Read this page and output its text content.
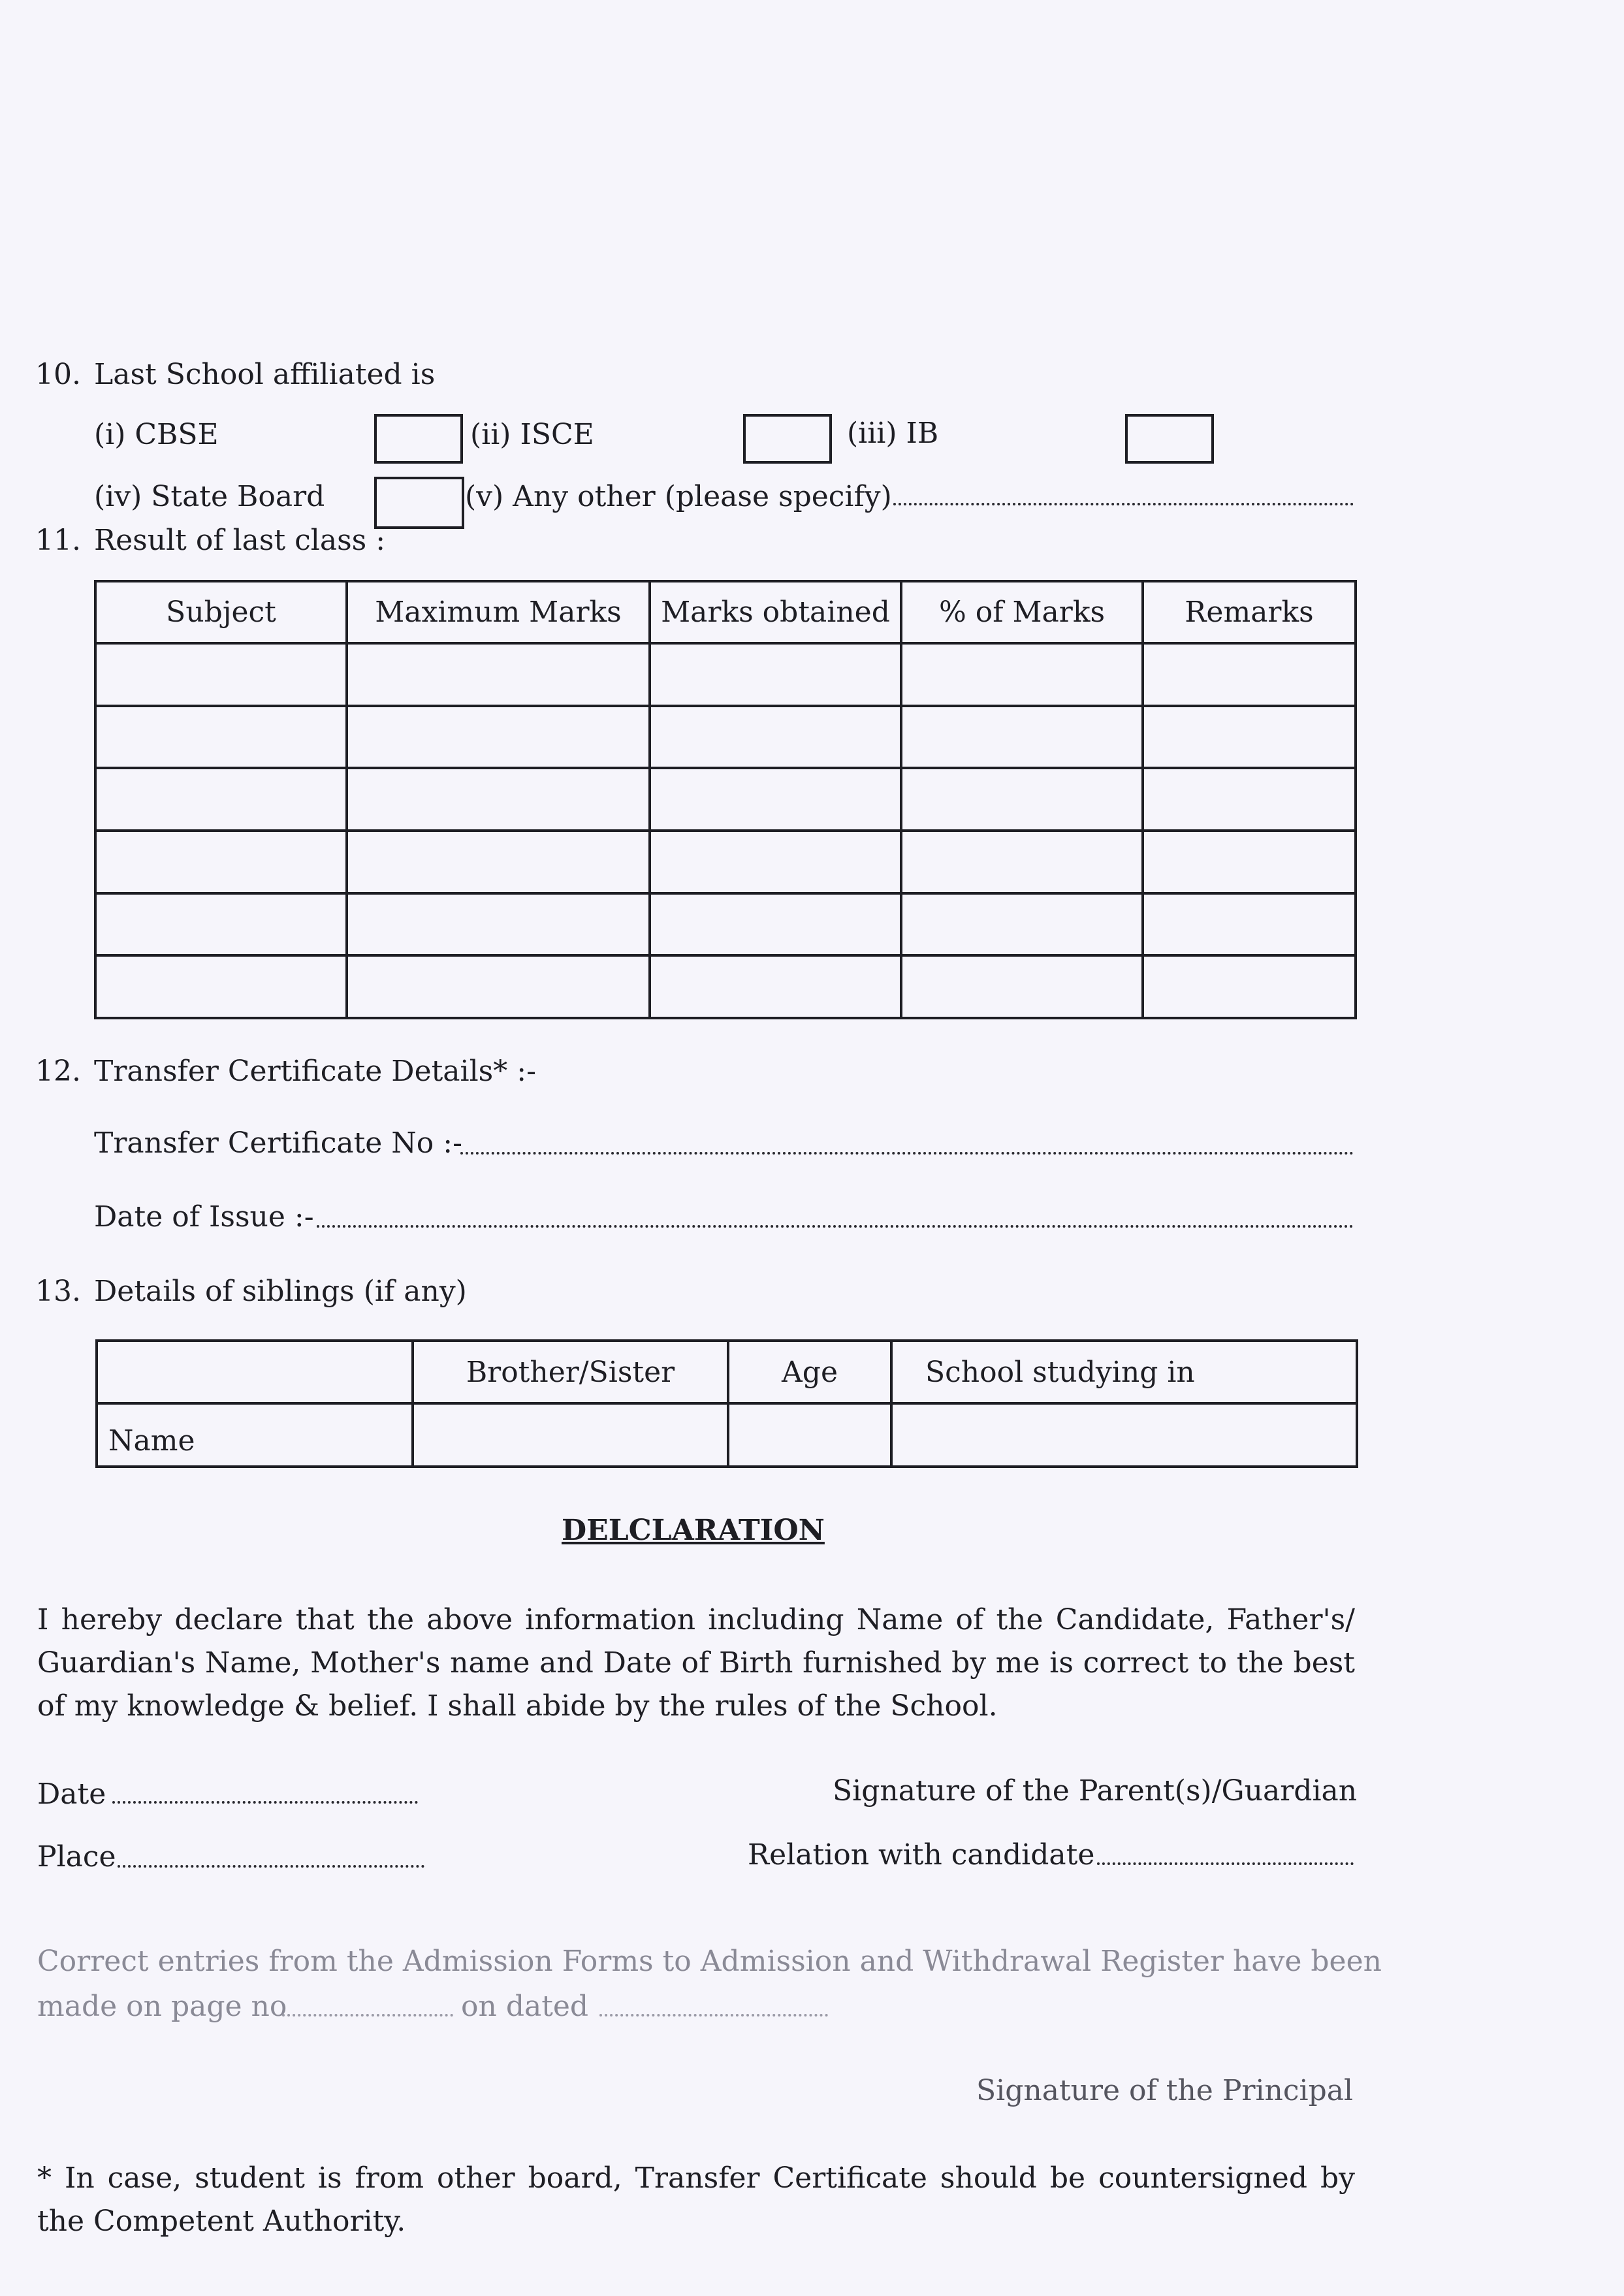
10. Last School affiliated is
(i) CBSE	(ii) ISCE	(iii) IB
(iv) State Board	(v) Any other (please specify)
11. Result of last class :
Subject	Maximum Marks	Marks obtained	% of Marks	Remarks

12. Transfer Certificate Details* :-
Transfer Certificate No :-
Date of Issue :-
13. Details of siblings (if any)
	Brother/Sister	Age	School studying in
Name			
DELCLARATION

I hereby declare that the above information including Name of the Candidate, Father's/ Guardian's Name, Mother's name and Date of Birth furnished by me is correct to the best of my knowledge & belief. I shall abide by the rules of the School.

Date	Signature of the Parent(s)/Guardian
Place	Relation with candidate
Correct entries from the Admission Forms to Admission and Withdrawal Register have been
made on page no	on dated
Signature of the Principal

* In case, student is from other board, Transfer Certificate should be countersigned by the Competent Authority.
